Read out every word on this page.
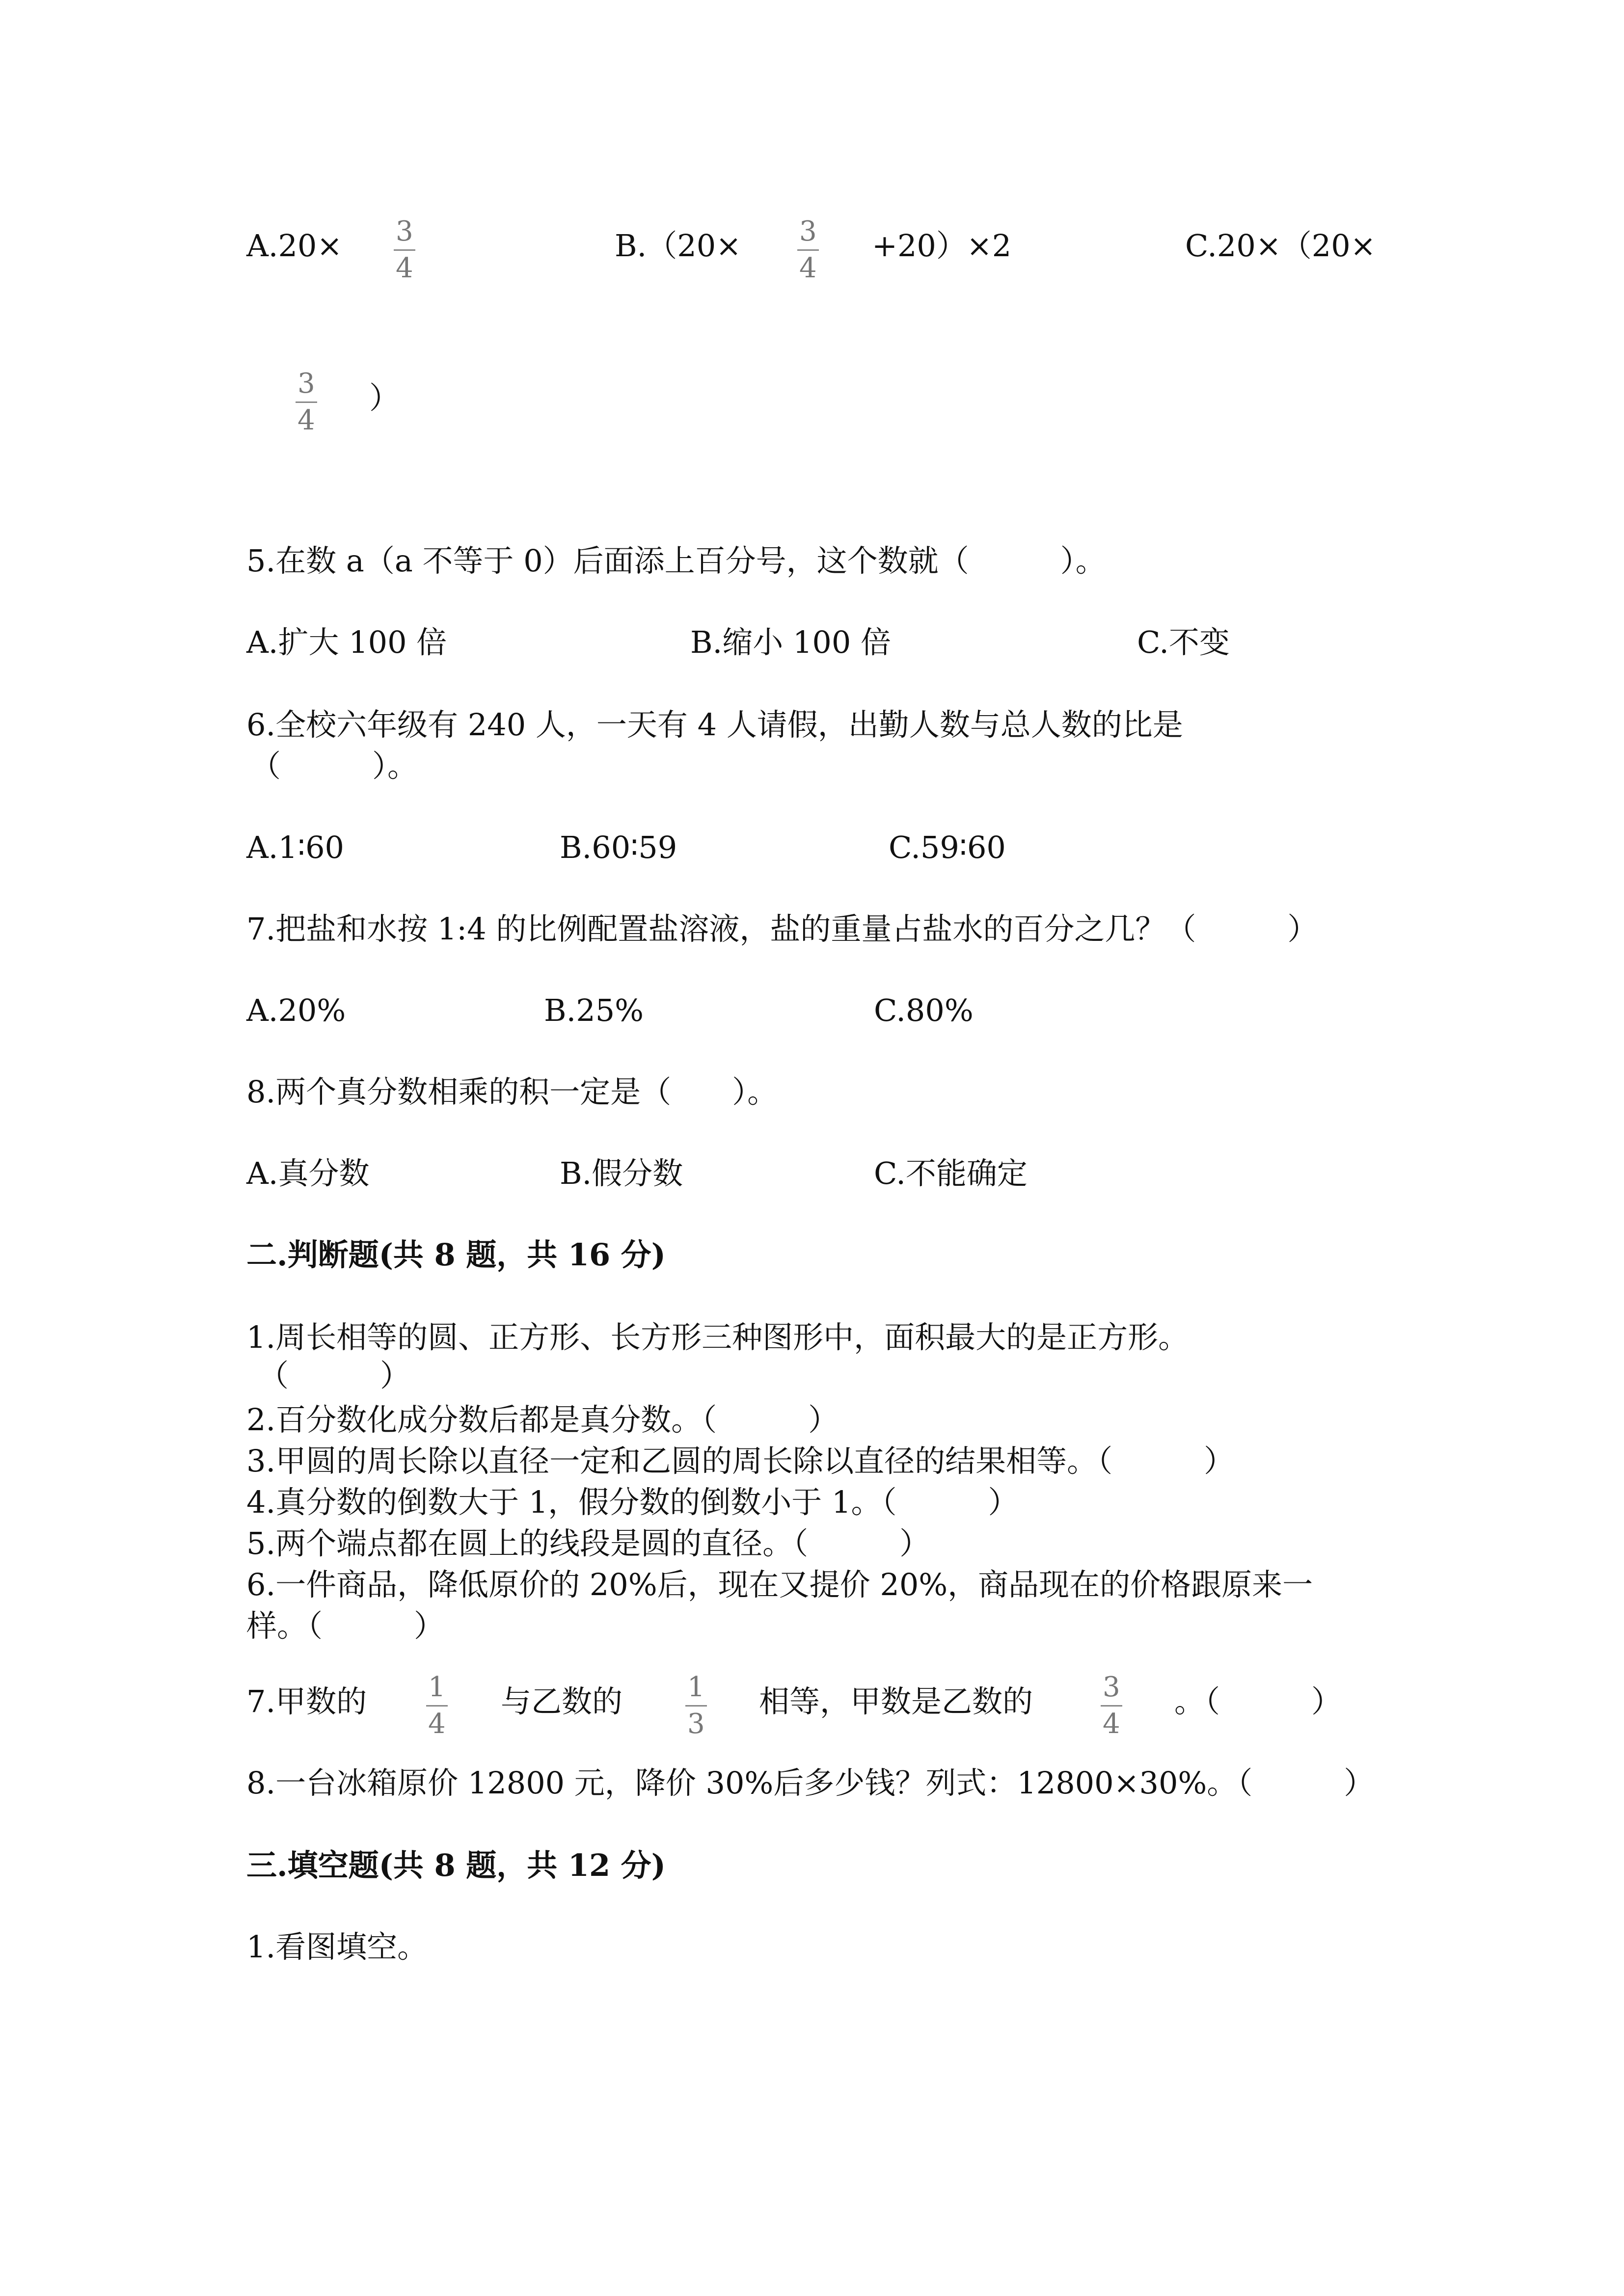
A.20× 3
4
B.（20× 3
4
+20）×2	C.20×（20×
3
4
）
5.在数 a（a 不等于 0）后面添上百分号，这个数就（　　　）。
A.扩大 100 倍	B.缩小 100 倍	C.不变
6.全校六年级有 240 人，一天有 4 人请假，出勤人数与总人数的比是
（　　　）。
A.1∶60	B.60∶59	C.59∶60
7.把盐和水按 1:4 的比例配置盐溶液，盐的重量占盐水的百分之几？（　　　）
A.20%	B.25%	C.80%
8.两个真分数相乘的积一定是（　　）。
A.真分数	B.假分数	C.不能确定
二.判断题(共 8 题，共 16 分)
1.周长相等的圆、正方形、长方形三种图形中，面积最大的是正方形。
（　　　）
2.百分数化成分数后都是真分数。（　　　）
3.甲圆的周长除以直径一定和乙圆的周长除以直径的结果相等。（　　　）
4.真分数的倒数大于 1，假分数的倒数小于 1。（　　　）
5.两个端点都在圆上的线段是圆的直径。（　　　）
6.一件商品，降低原价的 20%后，现在又提价 20%，商品现在的价格跟原来一
样。（　　　）
7.甲数的 1
4
与乙数的 1
3
相等，甲数是乙数的	3
4
。（　　　）
8.一台冰箱原价 12800 元，降价 30%后多少钱？列式：12800×30%。（　　　）
三.填空题(共 8 题，共 12 分)
1.看图填空。
